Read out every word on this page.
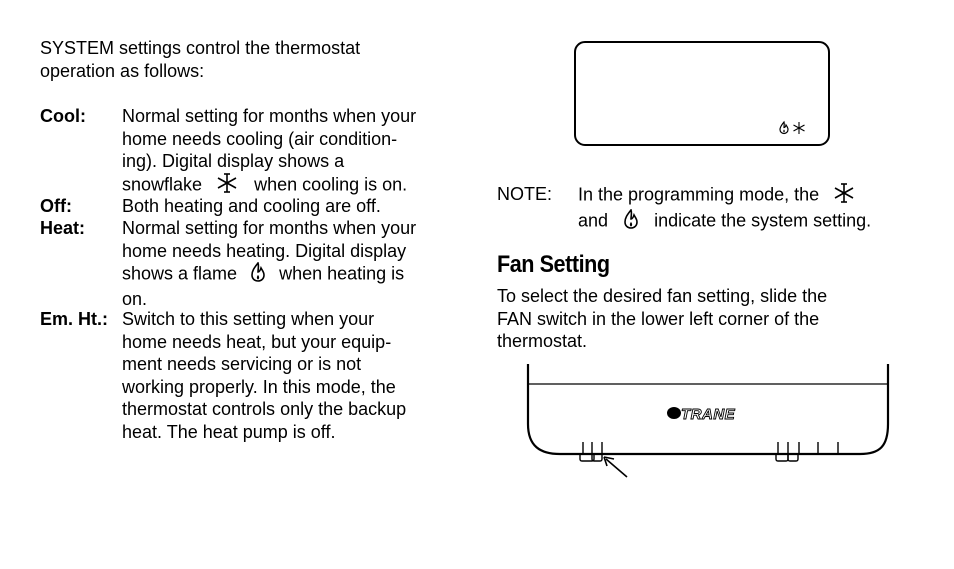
SYSTEM settings control the thermostat
operation as follows:
Cool: Normal setting for months when your
home needs cooling (air condition-
ing). Digital display shows a
snowflake	when cooling is on.
Off:	Both heating and cooling are off.
Heat: Normal setting for months when your
home needs heating. Digital display
shows a flame when heating is
on.
Em. Ht.: Switch to this setting when your
home needs heat, but your equip-
ment needs servicing or is not
working properly. In this mode, the
thermostat controls only the backup
heat. The heat pump is off.
NOTE: In the programming mode, the
and	indicate the system setting.
Fan Setting
To select the desired fan setting, slide the
FAN switch in the lower left corner of the
thermostat.
TRANE
